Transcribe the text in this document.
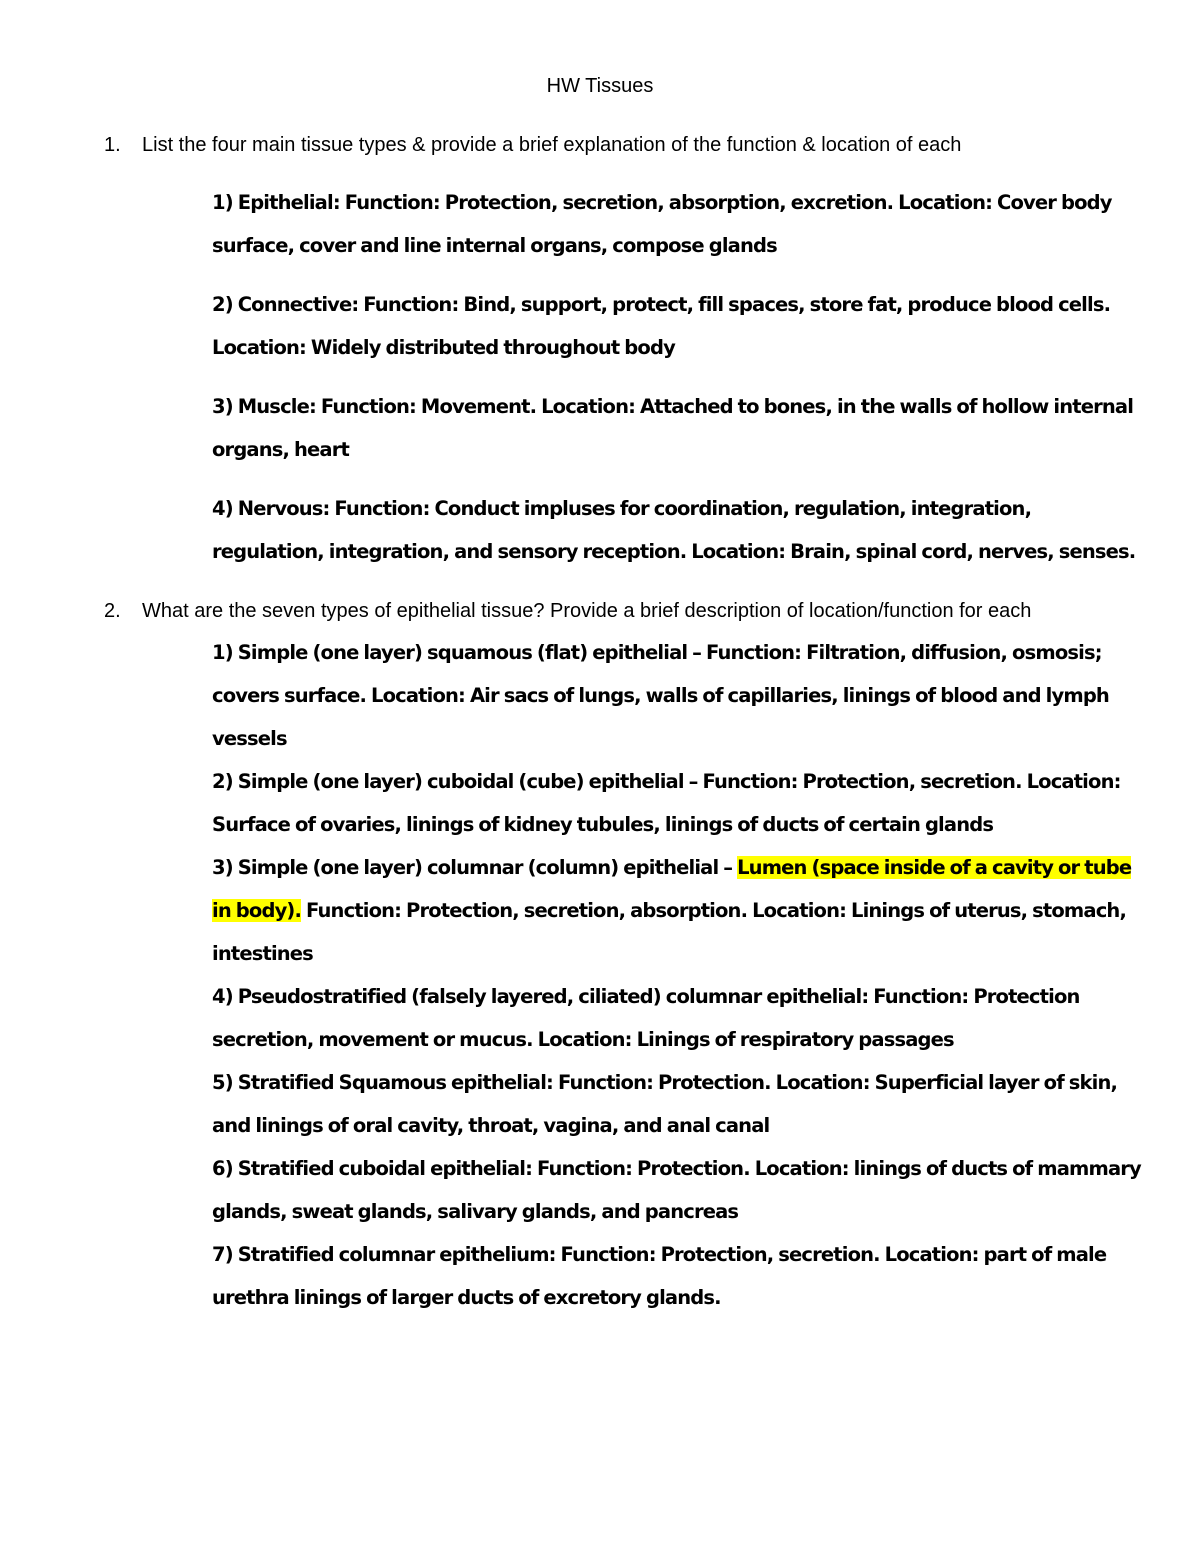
HW Tissues
1. List the four main tissue types & provide a brief explanation of the function & location of each

1) Epithelial: Function: Protection, secretion, absorption, excretion. Location: Cover body surface, cover and line internal organs, compose glands

2) Connective: Function: Bind, support, protect, fill spaces, store fat, produce blood cells. Location: Widely distributed throughout body

3) Muscle: Function: Movement. Location: Attached to bones, in the walls of hollow internal organs, heart

4) Nervous: Function: Conduct impluses for coordination, regulation, integration, regulation, integration, and sensory reception. Location: Brain, spinal cord, nerves, senses.

2. What are the seven types of epithelial tissue? Provide a brief description of location/function for each

1) Simple (one layer) squamous (flat) epithelial – Function: Filtration, diffusion, osmosis; covers surface. Location: Air sacs of lungs, walls of capillaries, linings of blood and lymph vessels

2) Simple (one layer) cuboidal (cube) epithelial – Function: Protection, secretion. Location: Surface of ovaries, linings of kidney tubules, linings of ducts of certain glands

3) Simple (one layer) columnar (column) epithelial – Lumen (space inside of a cavity or tube in body). Function: Protection, secretion, absorption. Location: Linings of uterus, stomach, intestines

4) Pseudostratified (falsely layered, ciliated) columnar epithelial: Function: Protection secretion, movement or mucus. Location: Linings of respiratory passages

5) Stratified Squamous epithelial: Function: Protection. Location: Superficial layer of skin, and linings of oral cavity, throat, vagina, and anal canal

6) Stratified cuboidal epithelial: Function: Protection. Location: linings of ducts of mammary glands, sweat glands, salivary glands, and pancreas

7) Stratified columnar epithelium: Function: Protection, secretion. Location: part of male urethra linings of larger ducts of excretory glands.
